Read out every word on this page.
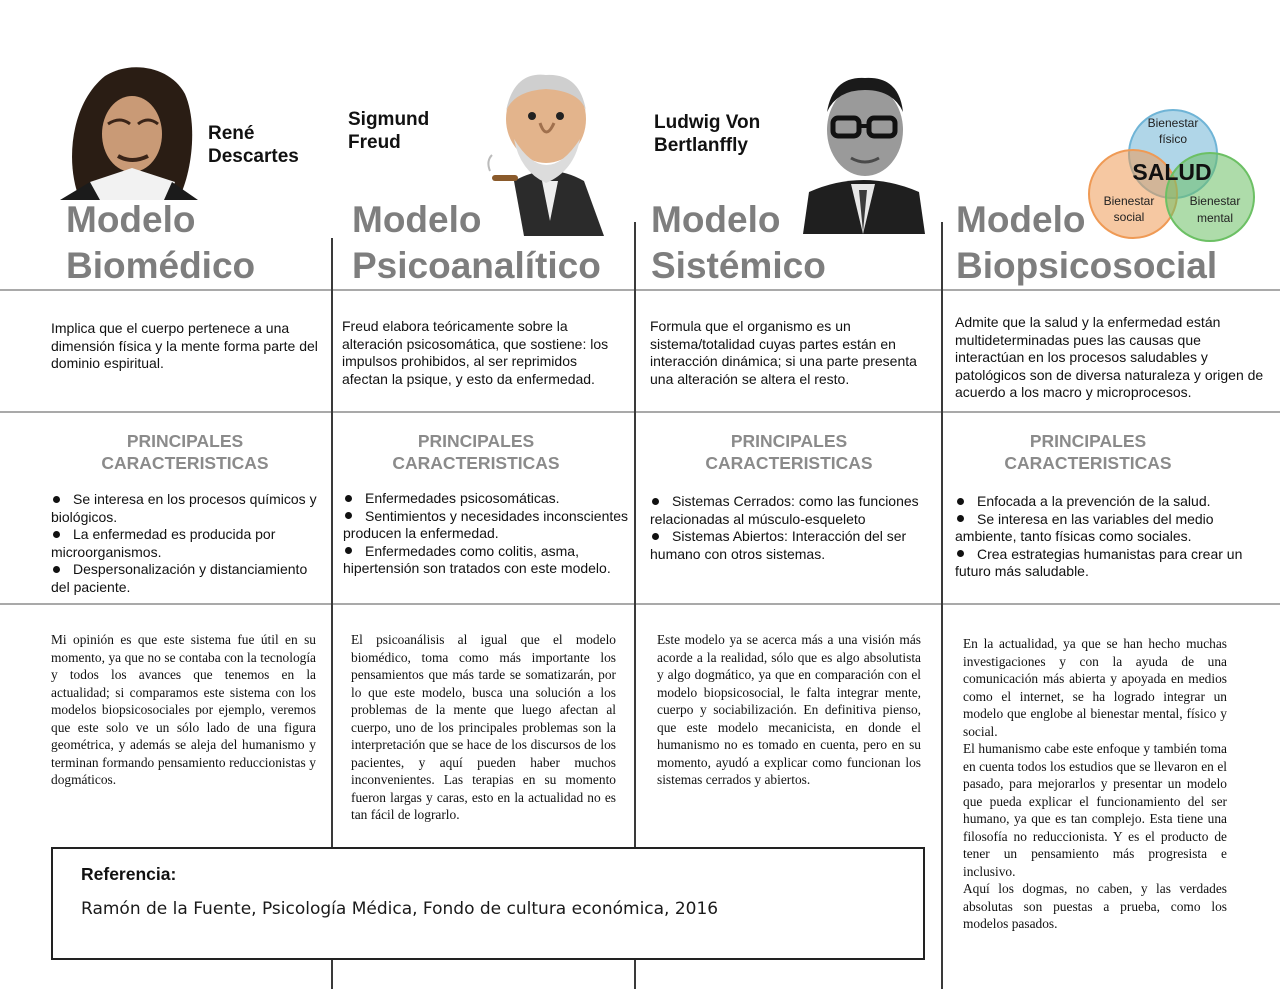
René
Descartes
Modelo
Biomédico
Implica que el cuerpo pertenece a una dimensión física y la mente forma parte del dominio espiritual.
PRINCIPALES
CARACTERISTICAS

Se interesa en los procesos químicos y biológicos.

La enfermedad es producida por microorganismos.

Despersonalización y distanciamiento del paciente.

Mi opinión es que este sistema fue útil en su momento, ya que no se contaba con la tecnología y todos los avances que tenemos en la actualidad; si comparamos este sistema con los modelos biopsicosociales por ejemplo, veremos que este solo ve un sólo lado de una figura geométrica, y además se aleja del humanismo y terminan formando pensamiento reduccionistas y dogmáticos.
Sigmund
Freud
Modelo
Psicoanalítico
Freud elabora teóricamente sobre la alteración psicosomática, que sostiene: los impulsos prohibidos, al ser reprimidos afectan la psique, y esto da enfermedad.
PRINCIPALES
CARACTERISTICAS

Enfermedades psicosomáticas.

Sentimientos y necesidades inconscientes producen la enfermedad.

Enfermedades como colitis, asma, hipertensión son tratados con este modelo.

El psicoanálisis al igual que el modelo biomédico, toma como más importante los pensamientos que más tarde se somatizarán, por lo que este modelo, busca una solución a los problemas de la mente que luego afectan al cuerpo, uno de los principales problemas son la interpretación que se hace de los discursos de los pacientes, y aquí pueden haber muchos inconvenientes. Las terapias en su momento fueron largas y caras, esto en la actualidad no es tan fácil de lograrlo.
Ludwig Von
Bertlanffly
Modelo
Sistémico
Formula que el organismo es un sistema/totalidad cuyas partes están en interacción dinámica; si una parte presenta una alteración se altera el resto.
PRINCIPALES
CARACTERISTICAS

Sistemas Cerrados: como las funciones relacionadas al músculo-esqueleto

Sistemas Abiertos: Interacción del ser humano con otros sistemas.

Este modelo ya se acerca más a una visión más acorde a la realidad, sólo que es algo absolutista y algo dogmático, ya que en comparación con el modelo biopsicosocial, le falta integrar mente, cuerpo y sociabilización. En definitiva pienso, que este modelo mecanicista, en donde el humanismo no es tomado en cuenta, pero en su momento, ayudó a explicar como funcionan los sistemas cerrados y abiertos.
Bienestar
físico
SALUD
Bienestar
social
Bienestar
mental
Modelo
Biopsicosocial
Admite que la salud y la enfermedad están multideterminadas pues las causas que interactúan en los procesos saludables y patológicos son de diversa naturaleza y origen de acuerdo a los macro y microprocesos.
PRINCIPALES
CARACTERISTICAS

Enfocada a la prevención de la salud.

Se interesa en las variables del medio ambiente, tanto físicas como sociales.

Crea estrategias humanistas para crear un futuro más saludable.

En la actualidad, ya que se han hecho muchas investigaciones y con la ayuda de una comunicación más abierta y apoyada en medios como el internet, se ha logrado integrar un modelo que englobe al bienestar mental, físico y social.
El humanismo cabe este enfoque y también toma en cuenta todos los estudios que se llevaron en el pasado, para mejorarlos y presentar un modelo que pueda explicar el funcionamiento del ser humano, ya que es tan complejo. Esta tiene una filosofía no reduccionista. Y es el producto de tener un pensamiento más progresista e inclusivo.
Aquí los dogmas, no caben, y las verdades absolutas son puestas a prueba, como los modelos pasados.
Referencia:
Ramón de la Fuente, Psicología Médica, Fondo de cultura económica, 2016
